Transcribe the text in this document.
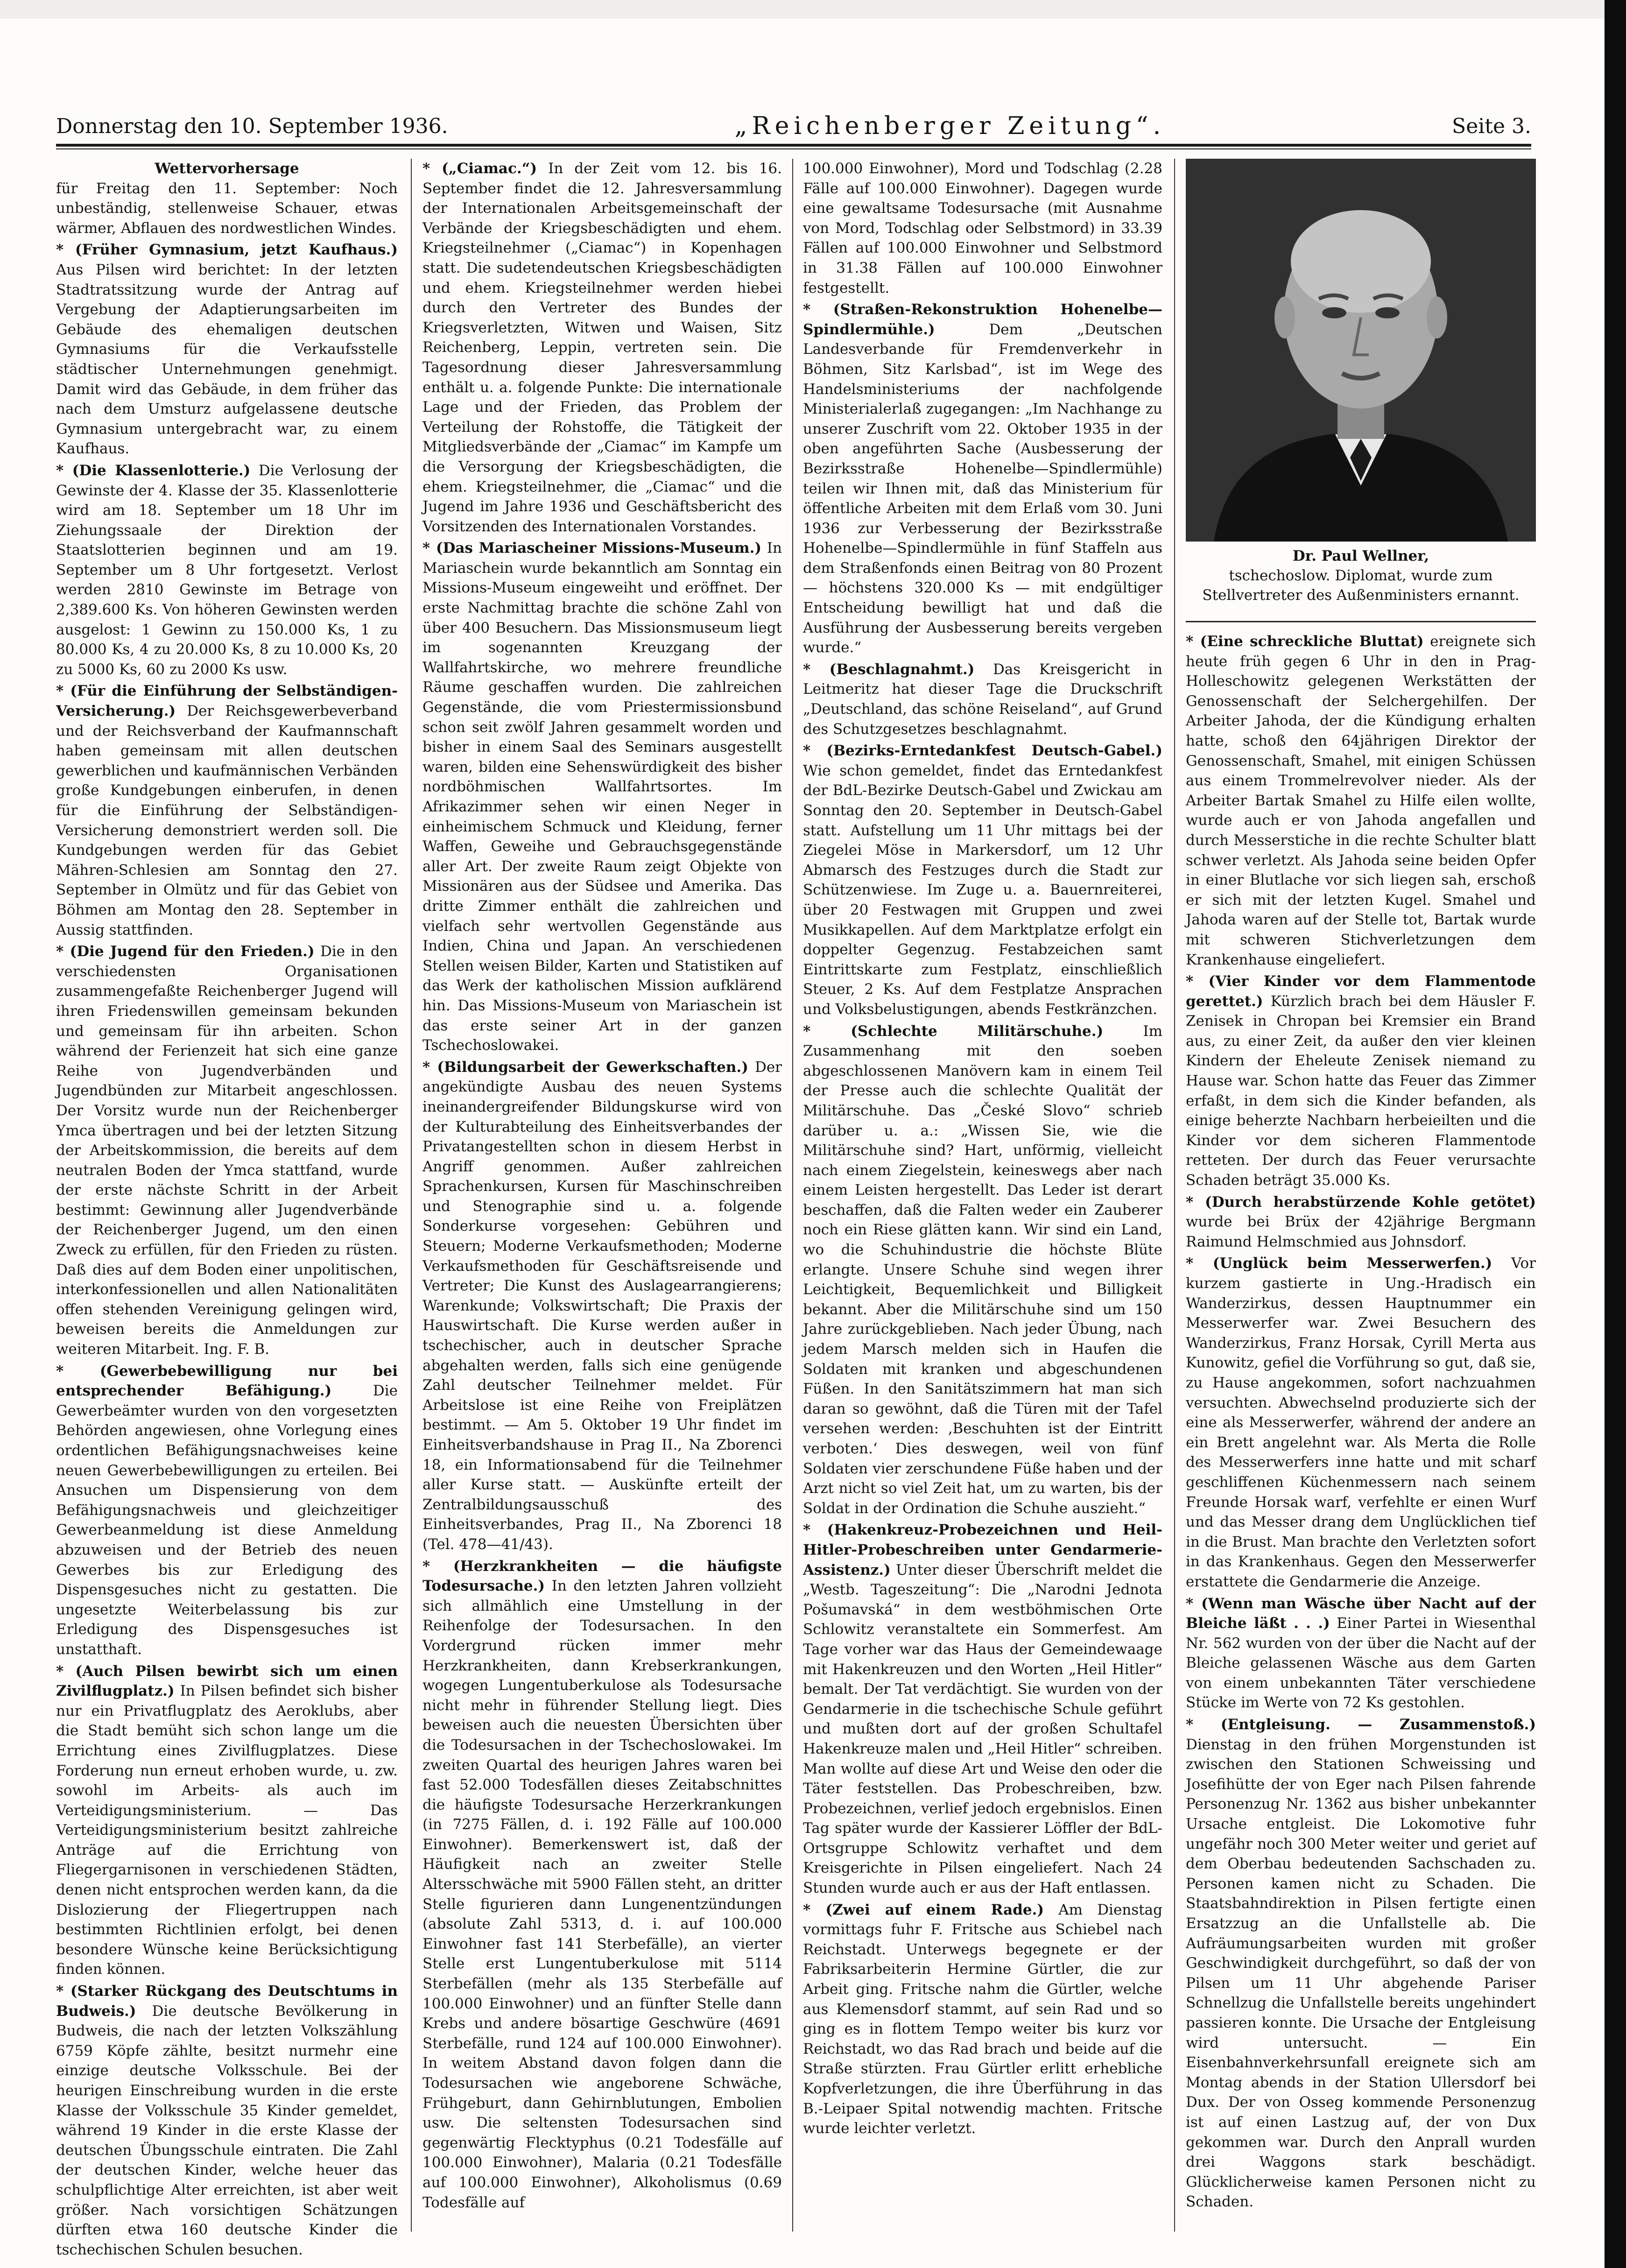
Donnerstag den 10. September 1936.	„Reichenberger Zeitung“.	Seite 3.
Wettervorhersage

für Freitag den 11. September: Noch unbeständig, stellenweise Schauer, etwas wärmer, Abflauen des nordwestlichen Windes.

* (Früher Gymnasium, jetzt Kaufhaus.) Aus Pilsen wird berichtet: In der letzten Stadtratssitzung wurde der Antrag auf Vergebung der Adaptierungsarbeiten im Gebäude des ehemaligen deutschen Gymnasiums für die Verkaufsstelle städtischer Unternehmungen genehmigt. Damit wird das Gebäude, in dem früher das nach dem Umsturz aufgelassene deutsche Gymnasium untergebracht war, zu einem Kaufhaus.

* (Die Klassenlotterie.) Die Verlosung der Gewinste der 4. Klasse der 35. Klassenlotterie wird am 18. September um 18 Uhr im Ziehungssaale der Direktion der Staatslotterien beginnen und am 19. September um 8 Uhr fortgesetzt. Verlost werden 2810 Gewinste im Betrage von 2,389.600 Ks. Von höheren Gewinsten werden ausgelost: 1 Gewinn zu 150.000 Ks, 1 zu 80.000 Ks, 4 zu 20.000 Ks, 8 zu 10.000 Ks, 20 zu 5000 Ks, 60 zu 2000 Ks usw.

* (Für die Einführung der Selbständigen-Versicherung.) Der Reichsgewerbeverband und der Reichsverband der Kaufmannschaft haben gemeinsam mit allen deutschen gewerblichen und kaufmännischen Verbänden große Kundgebungen einberufen, in denen für die Einführung der Selbständigen-Versicherung demonstriert werden soll. Die Kundgebungen werden für das Gebiet Mähren-Schlesien am Sonntag den 27. September in Olmütz und für das Gebiet von Böhmen am Montag den 28. September in Aussig stattfinden.

* (Die Jugend für den Frieden.) Die in den verschiedensten Organisationen zusammengefaßte Reichenberger Jugend will ihren Friedenswillen gemeinsam bekunden und gemeinsam für ihn arbeiten. Schon während der Ferienzeit hat sich eine ganze Reihe von Jugendverbänden und Jugendbünden zur Mitarbeit angeschlossen. Der Vorsitz wurde nun der Reichenberger Ymca übertragen und bei der letzten Sitzung der Arbeitskommission, die bereits auf dem neutralen Boden der Ymca stattfand, wurde der erste nächste Schritt in der Arbeit bestimmt: Gewinnung aller Jugendverbände der Reichenberger Jugend, um den einen Zweck zu erfüllen, für den Frieden zu rüsten. Daß dies auf dem Boden einer unpolitischen, interkonfessionellen und allen Nationalitäten offen stehenden Vereinigung gelingen wird, beweisen bereits die Anmeldungen zur weiteren Mitarbeit. Ing. F. B.

* (Gewerbebewilligung nur bei entsprechender Befähigung.)	Die Gewerbeämter wurden von den vorgesetzten Behörden angewiesen, ohne Vorlegung eines ordentlichen Befähigungsnachweises keine neuen Gewerbebewilligungen zu erteilen. Bei Ansuchen um Dispensierung von dem Befähigungsnachweis und gleichzeitiger Gewerbeanmeldung ist diese Anmeldung abzuweisen und der Betrieb des neuen Gewerbes bis zur Erledigung des Dispensgesuches nicht zu gestatten. Die ungesetzte Weiterbelassung bis zur Erledigung des Dispensgesuches ist unstatthaft.

* (Auch Pilsen bewirbt sich um einen Zivilflugplatz.) In Pilsen befindet sich bisher nur ein Privatflugplatz des Aeroklubs, aber die Stadt bemüht sich schon lange um die Errichtung eines Zivilflugplatzes. Diese Forderung nun erneut erhoben wurde, u. zw. sowohl im Arbeits- als auch im Verteidigungsministerium. — Das Verteidigungsministerium besitzt zahlreiche Anträge auf die Errichtung von Fliegergarnisonen in verschiedenen Städten, denen nicht entsprochen werden kann, da die Dislozierung der Fliegertruppen nach bestimmten Richtlinien erfolgt, bei denen besondere Wünsche keine Berücksichtigung finden können.

* (Starker Rückgang des Deutschtums in Budweis.) Die deutsche Bevölkerung in Budweis, die nach der letzten Volkszählung 6759 Köpfe zählte, besitzt nurmehr eine einzige deutsche Volksschule. Bei der heurigen Einschreibung wurden in die erste Klasse der Volksschule 35 Kinder gemeldet, während 19 Kinder in die erste Klasse der deutschen Übungsschule eintraten. Die Zahl der deutschen Kinder, welche heuer das schulpflichtige Alter erreichten, ist aber weit größer. Nach vorsichtigen Schätzungen dürften etwa 160 deutsche Kinder die tschechischen Schulen besuchen.

* („Ciamac.“) In der Zeit vom 12. bis 16. September findet die 12. Jahresversammlung der Internationalen Arbeitsgemeinschaft der Verbände der Kriegsbeschädigten und ehem. Kriegsteilnehmer („Ciamac“) in Kopenhagen statt. Die sudetendeutschen Kriegsbeschädigten und ehem. Kriegsteilnehmer werden hiebei durch den Vertreter des Bundes der Kriegsverletzten, Witwen und Waisen, Sitz Reichenberg, Leppin, vertreten sein. Die Tagesordnung dieser Jahresversammlung enthält u. a. folgende Punkte: Die internationale Lage und der Frieden, das Problem der Verteilung der Rohstoffe, die Tätigkeit der Mitgliedsverbände der „Ciamac“ im Kampfe um die Versorgung der Kriegsbeschädigten, die ehem. Kriegsteilnehmer, die „Ciamac“ und die Jugend im Jahre 1936 und Geschäftsbericht des Vorsitzenden des Internationalen Vorstandes.

* (Das Mariascheiner Missions-Museum.) In Mariaschein wurde bekanntlich am Sonntag ein Missions-Museum eingeweiht und eröffnet. Der erste Nachmittag brachte die schöne Zahl von über 400 Besuchern. Das Missionsmuseum liegt im sogenannten Kreuzgang der Wallfahrtskirche, wo mehrere freundliche Räume geschaffen wurden. Die zahlreichen Gegenstände, die vom Priestermissionsbund schon seit zwölf Jahren gesammelt worden und bisher in einem Saal des Seminars ausgestellt waren, bilden eine Sehenswürdigkeit des bisher nordböhmischen Wallfahrtsortes. Im Afrikazimmer sehen wir einen Neger in einheimischem Schmuck und Kleidung, ferner Waffen, Geweihe und Gebrauchsgegenstände aller Art. Der zweite Raum zeigt Objekte von Missionären aus der Südsee und Amerika. Das dritte Zimmer enthält die zahlreichen und vielfach sehr wertvollen Gegenstände aus Indien, China und Japan. An verschiedenen Stellen weisen Bilder, Karten und Statistiken auf das Werk der katholischen Mission aufklärend hin. Das Missions-Museum von Mariaschein ist das erste seiner Art in der ganzen Tschechoslowakei.

* (Bildungsarbeit der Gewerkschaften.) Der angekündigte Ausbau des neuen Systems ineinandergreifender Bildungskurse wird von der Kulturabteilung des Einheitsverbandes der Privatangestellten schon in diesem Herbst in Angriff genommen. Außer zahlreichen Sprachenkursen, Kursen für Maschinschreiben und Stenographie sind u. a. folgende Sonderkurse vorgesehen: Gebühren und Steuern; Moderne Verkaufsmethoden; Moderne Verkaufsmethoden für Geschäftsreisende und Vertreter; Die Kunst des Auslagearrangierens; Warenkunde; Volkswirtschaft; Die Praxis der Hauswirtschaft. Die Kurse werden außer in tschechischer, auch in deutscher Sprache abgehalten werden, falls sich eine genügende Zahl deutscher Teilnehmer meldet. Für Arbeitslose ist eine Reihe von Freiplätzen bestimmt. — Am 5. Oktober 19 Uhr findet im Einheitsverbandshause in Prag II., Na Zborenci 18, ein Informationsabend für die Teilnehmer aller Kurse statt. — Auskünfte erteilt der Zentralbildungsausschuß des Einheitsverbandes, Prag II., Na Zborenci 18 (Tel. 478—41/43).

* (Herzkrankheiten — die häufigste Todesursache.) In den letzten Jahren vollzieht sich allmählich eine Umstellung in der Reihenfolge der Todesursachen. In den Vordergrund rücken immer mehr Herzkrankheiten, dann Krebserkrankungen, wogegen Lungentuberkulose als Todesursache nicht mehr in führender Stellung liegt. Dies beweisen auch die neuesten Übersichten über die Todesursachen in der Tschechoslowakei. Im zweiten Quartal des heurigen Jahres waren bei fast 52.000 Todesfällen dieses Zeitabschnittes die häufigste Todesursache Herzerkrankungen (in 7275 Fällen, d. i. 192 Fälle auf 100.000 Einwohner). Bemerkenswert ist, daß der Häufigkeit nach an zweiter Stelle Altersschwäche mit 5900 Fällen steht, an dritter Stelle figurieren dann Lungenentzündungen (absolute Zahl 5313, d. i. auf 100.000 Einwohner fast 141 Sterbefälle), an vierter Stelle erst Lungentuberkulose mit 5114 Sterbefällen (mehr als 135 Sterbefälle auf 100.000 Einwohner) und an fünfter Stelle dann Krebs und andere bösartige Geschwüre (4691 Sterbefälle, rund 124 auf 100.000 Einwohner). In weitem Abstand davon folgen dann die Todesursachen wie angeborene Schwäche, Frühgeburt, dann Gehirnblutungen, Embolien usw. Die seltensten Todesursachen sind gegenwärtig Flecktyphus (0.21 Todesfälle auf 100.000 Einwohner), Malaria (0.21 Todesfälle auf 100.000 Einwohner), Alkoholismus (0.69 Todesfälle auf

100.000 Einwohner), Mord und Todschlag (2.28 Fälle auf 100.000 Einwohner). Dagegen wurde eine gewaltsame Todesursache (mit Ausnahme von Mord, Todschlag oder Selbstmord) in 33.39 Fällen auf 100.000 Einwohner und Selbstmord in 31.38 Fällen auf 100.000 Einwohner festgestellt.

* (Straßen-Rekonstruktion Hohenelbe—Spindlermühle.)	Dem „Deutschen Landesverbande für Fremdenverkehr in Böhmen, Sitz Karlsbad“, ist im Wege des Handelsministeriums der nachfolgende Ministerialerlaß zugegangen: „Im Nachhange zu unserer Zuschrift vom 22. Oktober 1935 in der oben angeführten Sache (Ausbesserung der Bezirksstraße Hohenelbe—Spindlermühle) teilen wir Ihnen mit, daß das Ministerium für öffentliche Arbeiten mit dem Erlaß vom 30. Juni 1936 zur Verbesserung der Bezirksstraße Hohenelbe—Spindlermühle in fünf Staffeln aus dem Straßenfonds einen Beitrag von 80 Prozent — höchstens 320.000 Ks — mit endgültiger Entscheidung bewilligt hat und daß die Ausführung der Ausbesserung bereits vergeben wurde.“

* (Beschlagnahmt.) Das Kreisgericht in Leitmeritz hat dieser Tage die Druckschrift „Deutschland, das schöne Reiseland“, auf Grund des Schutzgesetzes beschlagnahmt.

* (Bezirks-Erntedankfest Deutsch-Gabel.) Wie schon gemeldet, findet das Erntedankfest der BdL-Bezirke Deutsch-Gabel und Zwickau am Sonntag den 20. September in Deutsch-Gabel statt. Aufstellung um 11 Uhr mittags bei der Ziegelei Möse in Markersdorf, um 12 Uhr Abmarsch des Festzuges durch die Stadt zur Schützenwiese. Im Zuge u. a. Bauernreiterei, über 20 Festwagen mit Gruppen und zwei Musikkapellen. Auf dem Marktplatze erfolgt ein doppelter Gegenzug. Festabzeichen samt Eintrittskarte zum Festplatz, einschließlich Steuer, 2 Ks. Auf dem Festplatze Ansprachen und Volksbelustigungen, abends Festkränzchen.

* (Schlechte Militärschuhe.)	Im Zusammenhang mit den soeben abgeschlossenen Manövern kam in einem Teil der Presse auch die schlechte Qualität der Militärschuhe. Das „České Slovo“ schrieb darüber u. a.: „Wissen Sie, wie die Militärschuhe sind? Hart, unförmig, vielleicht nach einem Ziegelstein, keineswegs aber nach einem Leisten hergestellt. Das Leder ist derart beschaffen, daß die Falten weder ein Zauberer noch ein Riese glätten kann. Wir sind ein Land, wo die Schuhindustrie die höchste Blüte erlangte. Unsere Schuhe sind wegen ihrer Leichtigkeit, Bequemlichkeit und Billigkeit bekannt. Aber die Militärschuhe sind um 150 Jahre zurückgeblieben. Nach jeder Übung, nach jedem Marsch melden sich in Haufen die Soldaten mit kranken und abgeschundenen Füßen. In den Sanitätszimmern hat man sich daran so gewöhnt, daß die Türen mit der Tafel versehen werden: ‚Beschuhten ist der Eintritt verboten.‘ Dies deswegen, weil von fünf Soldaten vier zerschundene Füße haben und der Arzt nicht so viel Zeit hat, um zu warten, bis der Soldat in der Ordination die Schuhe auszieht.“

* (Hakenkreuz-Probezeichnen und Heil-Hitler-Probeschreiben unter Gendarmerie-Assistenz.) Unter dieser Überschrift meldet die „Westb. Tageszeitung“: Die „Narodni Jednota Pošumavská“ in dem westböhmischen Orte Schlowitz veranstaltete ein Sommerfest. Am Tage vorher war das Haus der Gemeindewaage mit Hakenkreuzen und den Worten „Heil Hitler“ bemalt. Der Tat verdächtigt. Sie wurden von der Gendarmerie in die tschechische Schule geführt und mußten dort auf der großen Schultafel Hakenkreuze malen und „Heil Hitler“ schreiben. Man wollte auf diese Art und Weise den oder die Täter feststellen. Das Probeschreiben, bzw. Probezeichnen, verlief jedoch ergebnislos. Einen Tag später wurde der Kassierer Löffler der BdL-Ortsgruppe Schlowitz verhaftet und dem Kreisgerichte in Pilsen eingeliefert. Nach 24 Stunden wurde auch er aus der Haft entlassen.

* (Zwei auf einem Rade.) Am Dienstag vormittags fuhr F. Fritsche aus Schiebel nach Reichstadt. Unterwegs begegnete er der Fabriksarbeiterin Hermine Gürtler, die zur Arbeit ging. Fritsche nahm die Gürtler, welche aus Klemensdorf stammt, auf sein Rad und so ging es in flottem Tempo weiter bis kurz vor Reichstadt, wo das Rad brach und beide auf die Straße stürzten. Frau Gürtler erlitt erhebliche Kopfverletzungen, die ihre Überführung in das B.-Leipaer Spital notwendig machten. Fritsche wurde leichter verletzt.

Dr. Paul Wellner,
tschechoslow. Diplomat, wurde zum Stellvertreter des Außenministers ernannt.

* (Eine schreckliche Bluttat) ereignete sich heute früh gegen 6 Uhr in den in Prag-Holleschowitz gelegenen Werkstätten der Genossenschaft der Selchergehilfen. Der Arbeiter Jahoda, der die Kündigung erhalten hatte, schoß den 64jährigen Direktor der Genossenschaft, Smahel, mit einigen Schüssen aus einem Trommelrevolver nieder. Als der Arbeiter Bartak Smahel zu Hilfe eilen wollte, wurde auch er von Jahoda angefallen und durch Messerstiche in die rechte Schulter blatt schwer verletzt. Als Jahoda seine beiden Opfer in einer Blutlache vor sich liegen sah, erschoß er sich mit der letzten Kugel. Smahel und Jahoda waren auf der Stelle tot, Bartak wurde mit schweren Stichverletzungen dem Krankenhause eingeliefert.

* (Vier Kinder vor dem Flammentode gerettet.) Kürzlich brach bei dem Häusler F. Zenisek in Chropan bei Kremsier ein Brand aus, zu einer Zeit, da außer den vier kleinen Kindern der Eheleute Zenisek niemand zu Hause war. Schon hatte das Feuer das Zimmer erfaßt, in dem sich die Kinder befanden, als einige beherzte Nachbarn herbeieilten und die Kinder vor dem sicheren Flammentode retteten. Der durch das Feuer verursachte Schaden beträgt 35.000 Ks.

* (Durch herabstürzende Kohle getötet) wurde bei Brüx der 42jährige Bergmann Raimund Helmschmied aus Johnsdorf.

* (Unglück beim Messerwerfen.) Vor kurzem gastierte in Ung.-Hradisch ein Wanderzirkus, dessen Hauptnummer ein Messerwerfer war. Zwei Besuchern des Wanderzirkus, Franz Horsak, Cyrill Merta aus Kunowitz, gefiel die Vorführung so gut, daß sie, zu Hause angekommen, sofort nachzuahmen versuchten. Abwechselnd produzierte sich der eine als Messerwerfer, während der andere an ein Brett angelehnt war. Als Merta die Rolle des Messerwerfers inne hatte und mit scharf geschliffenen Küchenmessern nach seinem Freunde Horsak warf, verfehlte er einen Wurf und das Messer drang dem Unglücklichen tief in die Brust. Man brachte den Verletzten sofort in das Krankenhaus. Gegen den Messerwerfer erstattete die Gendarmerie die Anzeige.

* (Wenn man Wäsche über Nacht auf der Bleiche läßt . . .) Einer Partei in Wiesenthal Nr. 562 wurden von der über die Nacht auf der Bleiche gelassenen Wäsche aus dem Garten von einem unbekannten Täter verschiedene Stücke im Werte von 72 Ks gestohlen.

* (Entgleisung. — Zusammenstoß.) Dienstag in den frühen Morgenstunden ist zwischen den Stationen Schweissing und Josefihütte der von Eger nach Pilsen fahrende Personenzug Nr. 1362 aus bisher unbekannter Ursache entgleist. Die Lokomotive fuhr ungefähr noch 300 Meter weiter und geriet auf dem Oberbau bedeutenden Sachschaden zu. Personen kamen nicht zu Schaden. Die Staatsbahndirektion in Pilsen fertigte einen Ersatzzug an die Unfallstelle ab. Die Aufräumungsarbeiten wurden mit großer Geschwindigkeit durchgeführt, so daß der von Pilsen um 11 Uhr abgehende Pariser Schnellzug die Unfallstelle bereits ungehindert passieren konnte. Die Ursache der Entgleisung wird untersucht. — Ein Eisenbahnverkehrsunfall ereignete sich am Montag abends in der Station Ullersdorf bei Dux. Der von Osseg kommende Personenzug ist auf einen Lastzug auf, der von Dux gekommen war. Durch den Anprall wurden drei Waggons stark beschädigt. Glücklicherweise kamen Personen nicht zu Schaden.
